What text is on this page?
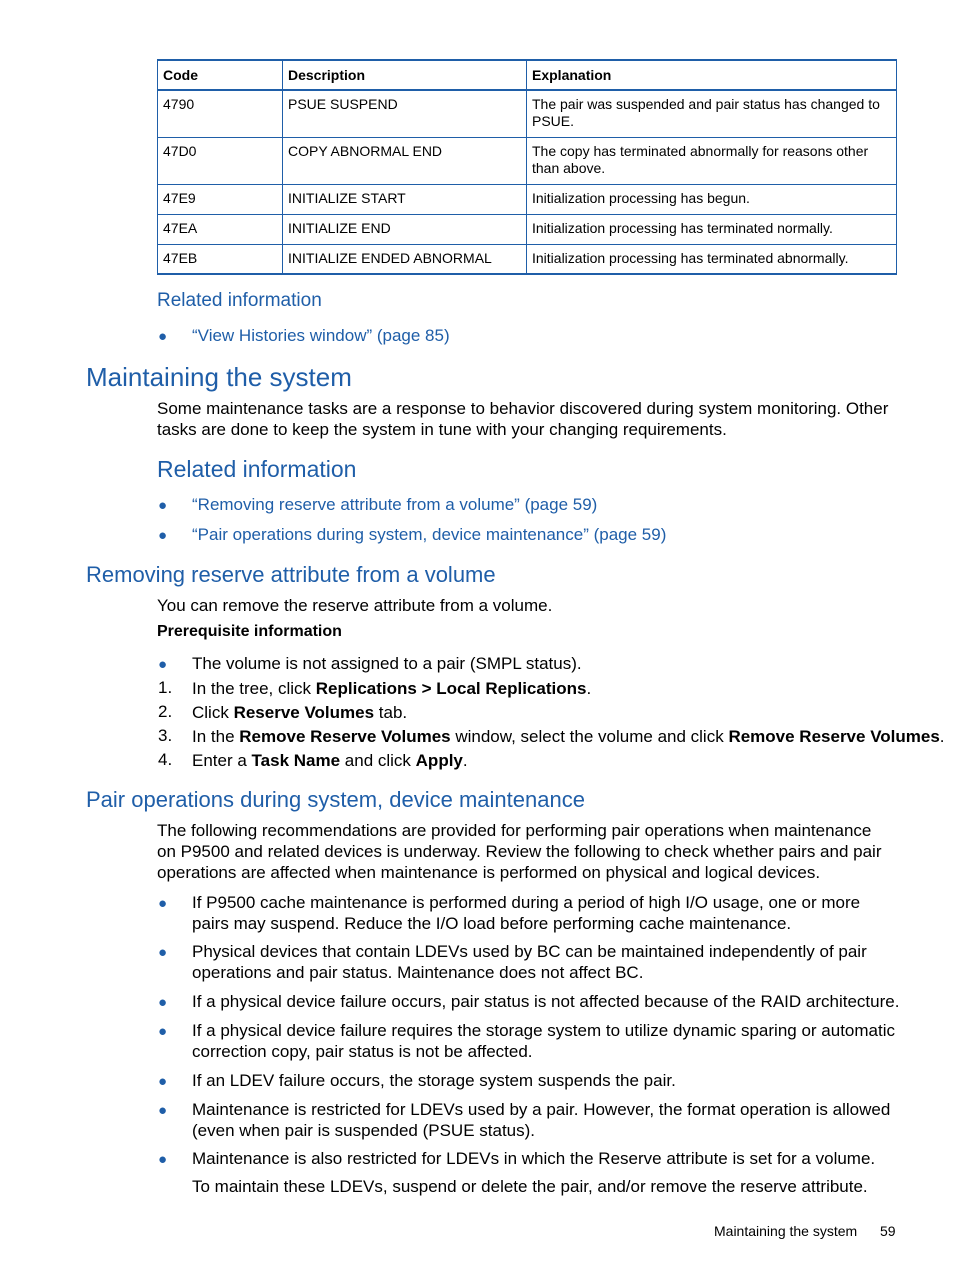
Code	Description	Explanation
4790	PSUE SUSPEND	The pair was suspended and pair status has changed to PSUE.
47D0	COPY ABNORMAL END	The copy has terminated abnormally for reasons other than above.
47E9	INITIALIZE START	Initialization processing has begun.
47EA	INITIALIZE END	Initialization processing has terminated normally.
47EB	INITIALIZE ENDED ABNORMAL	Initialization processing has terminated abnormally.
Related information
● “View Histories window” (page 85)
Maintaining the system
Some maintenance tasks are a response to behavior discovered during system monitoring. Other tasks are done to keep the system in tune with your changing requirements.
Related information
● “Removing reserve attribute from a volume” (page 59)
● “Pair operations during system, device maintenance” (page 59)
Removing reserve attribute from a volume
You can remove the reserve attribute from a volume.
Prerequisite information
● The volume is not assigned to a pair (SMPL status).
1. In the tree, click Replications > Local Replications.
2. Click Reserve Volumes tab.
3. In the Remove Reserve Volumes window, select the volume and click Remove Reserve Volumes.
4. Enter a Task Name and click Apply.
Pair operations during system, device maintenance
The following recommendations are provided for performing pair operations when maintenance
on P9500 and related devices is underway. Review the following to check whether pairs and pair
operations are affected when maintenance is performed on physical and logical devices.
● If P9500 cache maintenance is performed during a period of high I/O usage, one or more
pairs may suspend. Reduce the I/O load before performing cache maintenance.
● Physical devices that contain LDEVs used by BC can be maintained independently of pair
operations and pair status. Maintenance does not affect BC.
● If a physical device failure occurs, pair status is not affected because of the RAID architecture.
● If a physical device failure requires the storage system to utilize dynamic sparing or automatic
correction copy, pair status is not be affected.
● If an LDEV failure occurs, the storage system suspends the pair.
● Maintenance is restricted for LDEVs used by a pair. However, the format operation is allowed
(even when pair is suspended (PSUE status).
● Maintenance is also restricted for LDEVs in which the Reserve attribute is set for a volume.
To maintain these LDEVs, suspend or delete the pair, and/or remove the reserve attribute.
Maintaining the system 59
